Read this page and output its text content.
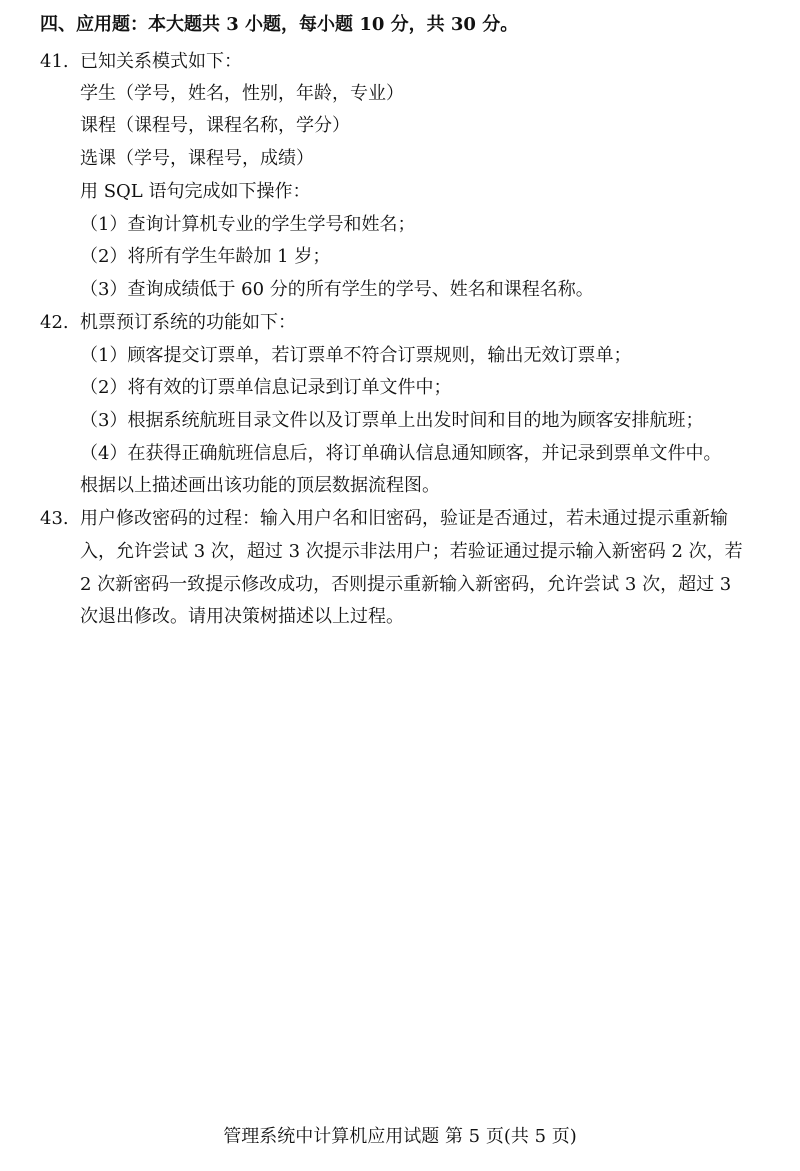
四、应用题：本大题共 3 小题，每小题 10 分，共 30 分。
41. 已知关系模式如下：
学生（学号，姓名，性别，年龄，专业）
课程（课程号，课程名称，学分）
选课（学号，课程号，成绩）
用 SQL 语句完成如下操作：
（1）查询计算机专业的学生学号和姓名；
（2）将所有学生年龄加 1 岁；
（3）查询成绩低于 60 分的所有学生的学号、姓名和课程名称。
42. 机票预订系统的功能如下：
（1）顾客提交订票单，若订票单不符合订票规则，输出无效订票单；
（2）将有效的订票单信息记录到订单文件中；
（3）根据系统航班目录文件以及订票单上出发时间和目的地为顾客安排航班；
（4）在获得正确航班信息后，将订单确认信息通知顾客，并记录到票单文件中。
根据以上描述画出该功能的顶层数据流程图。
43. 用户修改密码的过程：输入用户名和旧密码，验证是否通过，若未通过提示重新输
入，允许尝试 3 次，超过 3 次提示非法用户；若验证通过提示输入新密码 2 次，若
2 次新密码一致提示修改成功，否则提示重新输入新密码，允许尝试 3 次，超过 3
次退出修改。请用决策树描述以上过程。
管理系统中计算机应用试题 第 5 页(共 5 页)
